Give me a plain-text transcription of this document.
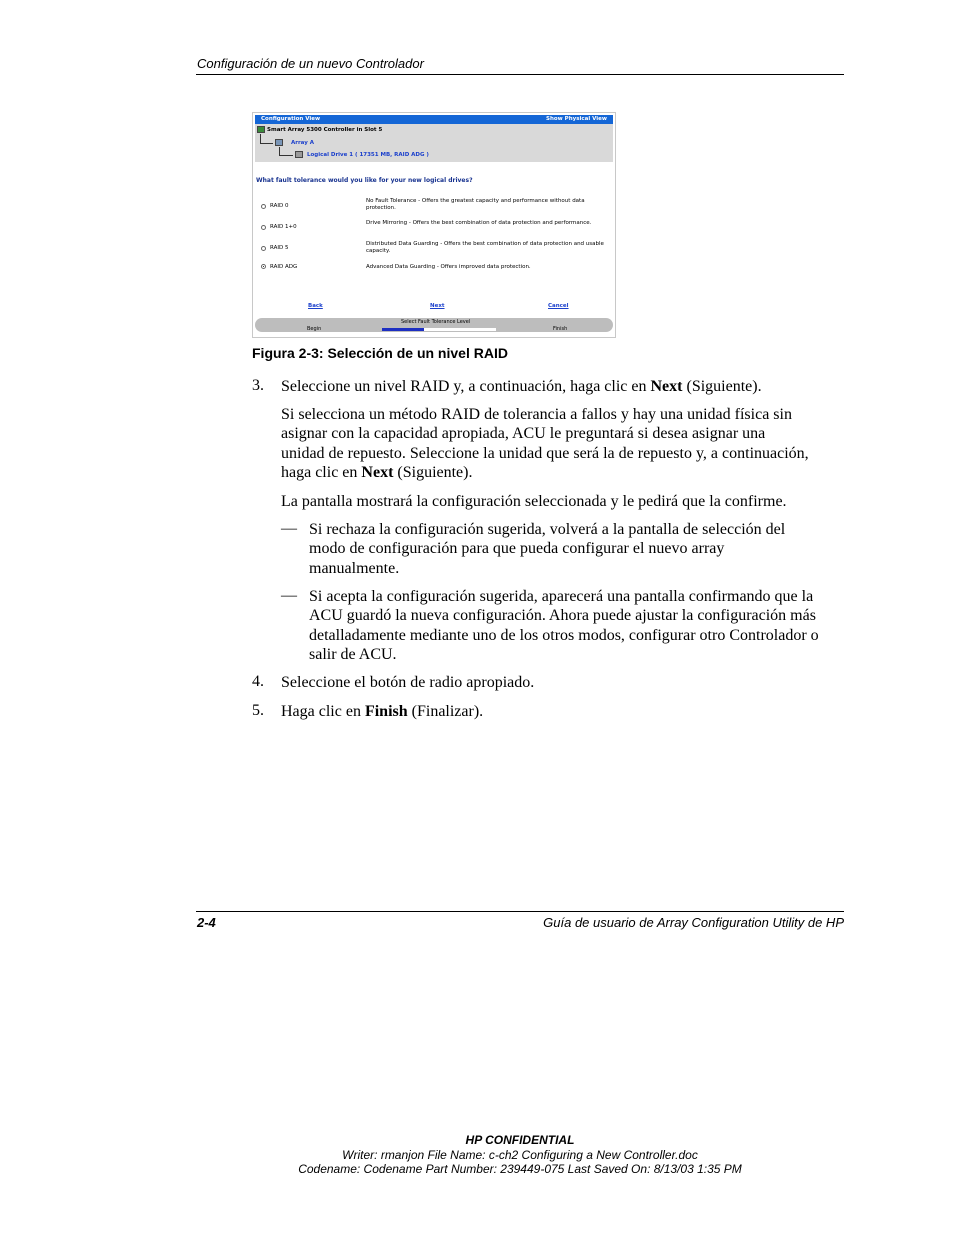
Configuración de un nuevo Controlador
Configuration View	Show Physical View
Smart Array 5300 Controller in Slot 5
Array A
Logical Drive 1 ( 17351 MB, RAID ADG )
What fault tolerance would you like for your new logical drives?
RAID 0
No Fault Tolerance - Offers the greatest capacity and performance without data protection.
RAID 1+0
Drive Mirroring - Offers the best combination of data protection and performance.
RAID 5
Distributed Data Guarding - Offers the best combination of data protection and usable capacity.
RAID ADG	Advanced Data Guarding - Offers improved data protection.
Back	Next	Cancel
Select Fault Tolerance Level
Begin	Finish
Figura 2-3: Selección de un nivel RAID
3. Seleccione un nivel RAID y, a continuación, haga clic en Next (Siguiente).
Si selecciona un método RAID de tolerancia a fallos y hay una unidad física sin asignar con la capacidad apropiada, ACU le preguntará si desea asignar una unidad de repuesto. Seleccione la unidad que será la de repuesto y, a continuación, haga clic en Next (Siguiente).
La pantalla mostrará la configuración seleccionada y le pedirá que la confirme.
— Si rechaza la configuración sugerida, volverá a la pantalla de selección del modo de configuración para que pueda configurar el nuevo array manualmente.
— Si acepta la configuración sugerida, aparecerá una pantalla confirmando que la ACU guardó la nueva configuración. Ahora puede ajustar la configuración más detalladamente mediante uno de los otros modos, configurar otro Controlador o salir de ACU.
4. Seleccione el botón de radio apropiado.
5. Haga clic en Finish (Finalizar).
2-4	Guía de usuario de Array Configuration Utility de HP
HP CONFIDENTIAL
Writer: rmanjon File Name: c-ch2 Configuring a New Controller.doc
Codename: Codename Part Number: 239449-075 Last Saved On: 8/13/03 1:35 PM
